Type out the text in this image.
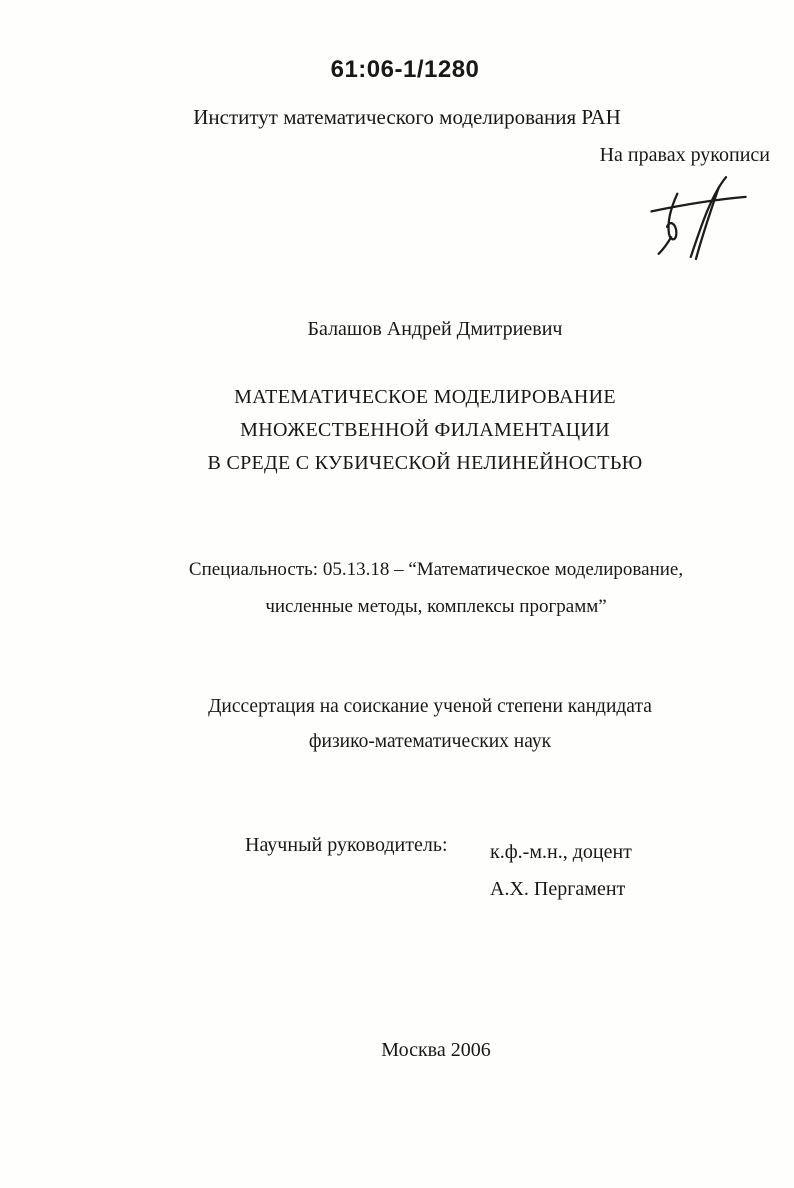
61:06-1/1280
Институт математического моделирования РАН
На правах рукописи
Балашов Андрей Дмитриевич
МАТЕМАТИЧЕСКОЕ МОДЕЛИРОВАНИЕ
МНОЖЕСТВЕННОЙ ФИЛАМЕНТАЦИИ
В СРЕДЕ С КУБИЧЕСКОЙ НЕЛИНЕЙНОСТЬЮ
Специальность: 05.13.18 – “Математическое моделирование,
численные методы, комплексы программ”
Диссертация на соискание ученой степени кандидата
физико-математических наук
Научный руководитель: к.ф.-м.н., доцент
А.Х. Пергамент
Москва 2006
